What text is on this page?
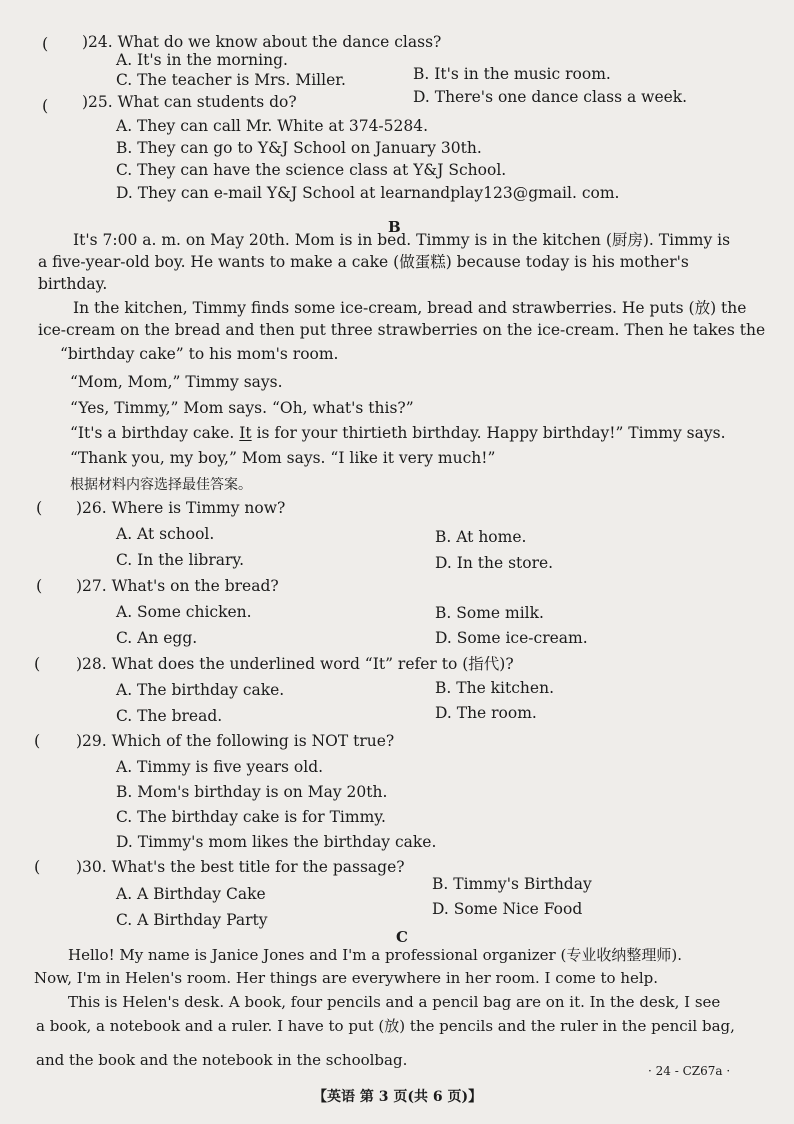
( )24. What do we know about the dance class?
A. It's in the morning.
C. The teacher is Mrs. Miller.	B. It's in the music room.
D. There's one dance class a week.
( )25. What can students do?
A. They can call Mr. White at 374-5284.
B. They can go to Y&J School on January 30th.
C. They can have the science class at Y&J School.
D. They can e-mail Y&J School at learnandplay123@gmail. com.
B
It's 7:00 a. m. on May 20th. Mom is in bed. Timmy is in the kitchen (厨房). Timmy is
a five-year-old boy. He wants to make a cake (做蛋糕) because today is his mother's
birthday.
In the kitchen, Timmy finds some ice-cream, bread and strawberries. He puts (放) the
ice-cream on the bread and then put three strawberries on the ice-cream. Then he takes the
“birthday cake” to his mom's room.
“Mom, Mom,” Timmy says.
“Yes, Timmy,” Mom says. “Oh, what's this?”
“It's a birthday cake. It is for your thirtieth birthday. Happy birthday!” Timmy says.
“Thank you, my boy,” Mom says. “I like it very much!”
根据材料内容选择最佳答案。
( )26. Where is Timmy now?
A. At school.	B. At home.
C. In the library.	D. In the store.
( )27. What's on the bread?
A. Some chicken.	B. Some milk.
C. An egg.	D. Some ice-cream.
( )28. What does the underlined word “It” refer to (指代)?
A. The birthday cake.	B. The kitchen.
C. The bread.	D. The room.
( )29. Which of the following is NOT true?
A. Timmy is five years old.
B. Mom's birthday is on May 20th.
C. The birthday cake is for Timmy.
D. Timmy's mom likes the birthday cake.
( )30. What's the best title for the passage?
A. A Birthday Cake
B. Timmy's Birthday
C. A Birthday Party
D. Some Nice Food
C
Hello! My name is Janice Jones and I'm a professional organizer (专业收纳整理师).
Now, I'm in Helen's room. Her things are everywhere in her room. I come to help.
This is Helen's desk. A book, four pencils and a pencil bag are on it. In the desk, I see
a book, a notebook and a ruler. I have to put (放) the pencils and the ruler in the pencil bag,
and the book and the notebook in the schoolbag.
· 24 - CZ67a ·
【英语 第 3 页(共 6 页)】
